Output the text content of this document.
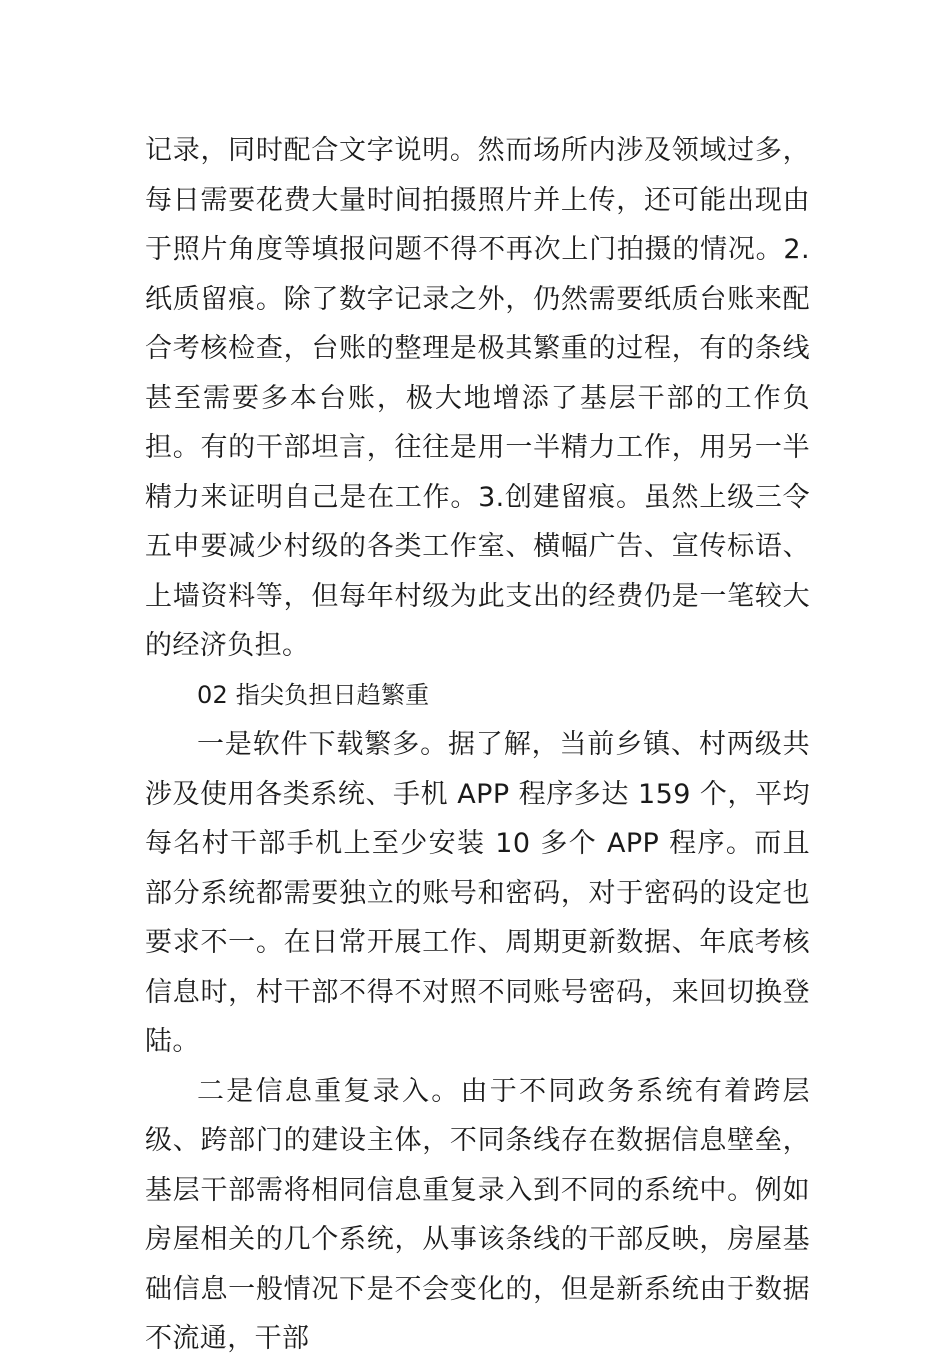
记录，同时配合文字说明。然而场所内涉及领域过多，每日需要花费大量时间拍摄照片并上传，还可能出现由于照片角度等填报问题不得不再次上门拍摄的情况。2.纸质留痕。除了数字记录之外，仍然需要纸质台账来配合考核检查，台账的整理是极其繁重的过程，有的条线甚至需要多本台账，极大地增添了基层干部的工作负担。有的干部坦言，往往是用一半精力工作，用另一半精力来证明自己是在工作。3.创建留痕。虽然上级三令五申要减少村级的各类工作室、横幅广告、宣传标语、上墙资料等，但每年村级为此支出的经费仍是一笔较大的经济负担。

02 指尖负担日趋繁重

一是软件下载繁多。据了解，当前乡镇、村两级共涉及使用各类系统、手机 APP 程序多达 159 个，平均每名村干部手机上至少安装 10 多个 APP 程序。而且部分系统都需要独立的账号和密码，对于密码的设定也要求不一。在日常开展工作、周期更新数据、年底考核信息时，村干部不得不对照不同账号密码，来回切换登陆。

二是信息重复录入。由于不同政务系统有着跨层级、跨部门的建设主体，不同条线存在数据信息壁垒，基层干部需将相同信息重复录入到不同的系统中。例如房屋相关的几个系统，从事该条线的干部反映，房屋基础信息一般情况下是不会变化的，但是新系统由于数据不流通，干部
